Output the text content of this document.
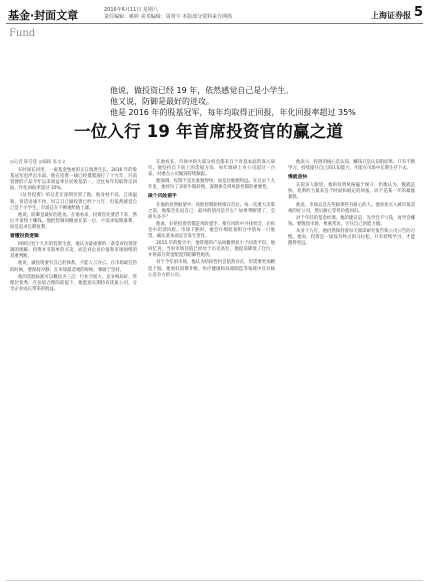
基金·封面文章
Fund
2016年6月11日 星期六
责任编辑：姚婷 美术编辑：周靖宇 本版部分资料来自网络	上海证券报 5
他说，做投资已经 19 年，依然感觉自己是小学生。
他又说，防御是最好的进攻。
他是 2016 年的股基冠军，每年均取得正回报，年化回报率超过 35%
一位入行 19 年首席投资官的赢之道
◎记者 陈雪莲 ◎编辑 张永文

在时间长河里，一座基金堡垒的正在悄然生长，2016 年的股基冠军也浮出水面。他在投资一线已经摸爬滚打了十九年，目前管理的产品今年以来收益率位居股基第一，过往每年均取得正回报，年化回报率超过 35%。

《证券投资》的记者在深圳见到了他。他身材不高，言谈温和，说话语速不快，坦言自己做投资已经十九年，但依然感觉自己是个小学生，市场总在不断地给他上课。

他说，防御是最好的进攻。在他看来，投资首先要活下来，然后才谈得上赚钱。他把控制回撤放在第一位，不追求短期暴利，而是追求长期复利。

看懂投资逻辑

回顾过往十九年的投资生涯，他认为最重要的一条是对投资逻辑的理解。投资并非简单的买卖，而是对企业价值和市场情绪的双重判断。

他说，做投资要有自己的体系，不能人云亦云。在市场最狂热的时候，要保持冷静；在市场最悲观的时候，要敢于坚持。

他的选股标准可以概括为三点：行业空间大、竞争格局好、管理层优秀。在估值合理的前提下，他愿意长期持有优质公司，分享企业成长带来的收益。

在他看来，市场中的大部分机会都来自于对基本面的深入研究。他坚持自下而上的选股方法，每年调研上市公司超过一百家，对重点公司做到持续跟踪。

他强调，投资不是比谁跑得快，而是比谁跑得远。在过去十九年里，他经历了多轮牛熊转换，深刻体会到风险控制的重要性。

做个风险猎手

在他的投资框架中，风险控制始终排在首位。每一次重大决策之前，他都会先问自己：最坏的情况是什么？如果判断错了，会损失多少？

他说，好的投资者都是风险猎手，要在风险中寻找机会，在机会中识别风险。市场下跌时，他会仔细检查组合中的每一只股票，确认基本面是否发生变化。

2015 年的股灾中，他管理的产品回撤明显小于同类平均。他回忆说，当时市场估值已经处于历史高位，他提前降低了仓位，并将部分资金配置到防御性板块。

对于今年的市场，他认为结构性机会依然存在，但需要更加精选个股。他看好消费升级、医疗健康和高端制造等领域中具有核心竞争力的公司。

他表示，投资的核心是认知，赚钱只是认知的结果。只有不断学习，持续提升自己的认知能力，才能在市场中长期生存下去。

慢就是快

在很多人眼里，他的投资风格偏于保守，但他认为，慢就是快。复利的力量来自于时间和稳定的回报，而不是某一年的暴涨暴跌。

他说，市场总是在奖励那些有耐心的人。他喜欢买入被市场忽视的好公司，然后耐心等待价值回归。

对于年轻的基金经理，他的建议是：先学会不亏钱，再学会赚钱。要敬畏市场，尊重常识，守住自己的能力圈。

从业十九年，他仍然保持着每天阅读研究报告和公司公告的习惯。他说，投资是一场没有终点的马拉松，只有持续学习，才能跑得更远。
